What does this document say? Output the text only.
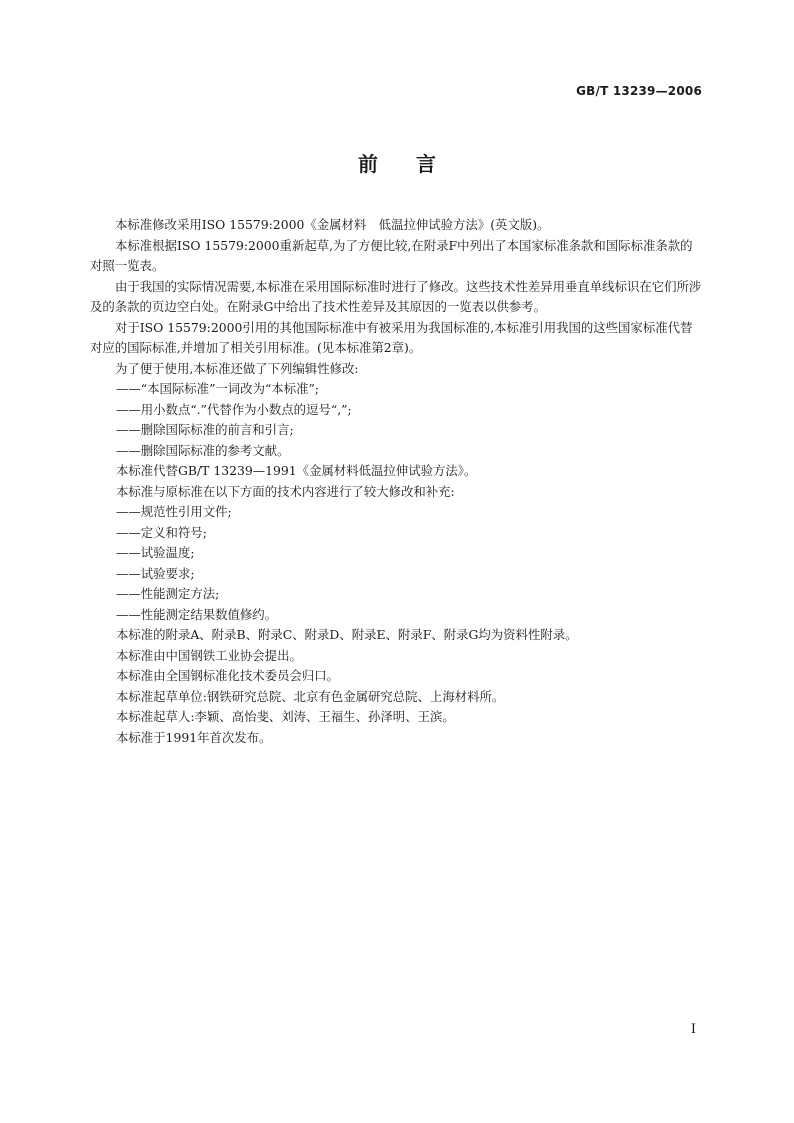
GB/T 13239—2006
前言

本标准修改采用ISO 15579:2000《金属材料　低温拉伸试验方法》(英文版)。

本标准根据ISO 15579:2000重新起草,为了方便比较,在附录F中列出了本国家标准条款和国际标准条款的对照一览表。

由于我国的实际情况需要,本标准在采用国际标准时进行了修改。这些技术性差异用垂直单线标识在它们所涉及的条款的页边空白处。在附录G中给出了技术性差异及其原因的一览表以供参考。

对于ISO 15579:2000引用的其他国际标准中有被采用为我国标准的,本标准引用我国的这些国家标准代替对应的国际标准,并增加了相关引用标准。(见本标准第2章)。

为了便于使用,本标准还做了下列编辑性修改:

——“本国际标准”一词改为“本标准”;

——用小数点“.”代替作为小数点的逗号“,”;

——删除国际标准的前言和引言;

——删除国际标准的参考文献。

本标准代替GB/T 13239—1991《金属材料低温拉伸试验方法》。

本标准与原标准在以下方面的技术内容进行了较大修改和补充:

——规范性引用文件;

——定义和符号;

——试验温度;

——试验要求;

——性能测定方法;

——性能测定结果数值修约。

本标准的附录A、附录B、附录C、附录D、附录E、附录F、附录G均为资料性附录。

本标准由中国钢铁工业协会提出。

本标准由全国钢标准化技术委员会归口。

本标准起草单位:钢铁研究总院、北京有色金属研究总院、上海材料所。

本标准起草人:李颖、高怡斐、刘涛、王福生、孙泽明、王滨。

本标准于1991年首次发布。

I
